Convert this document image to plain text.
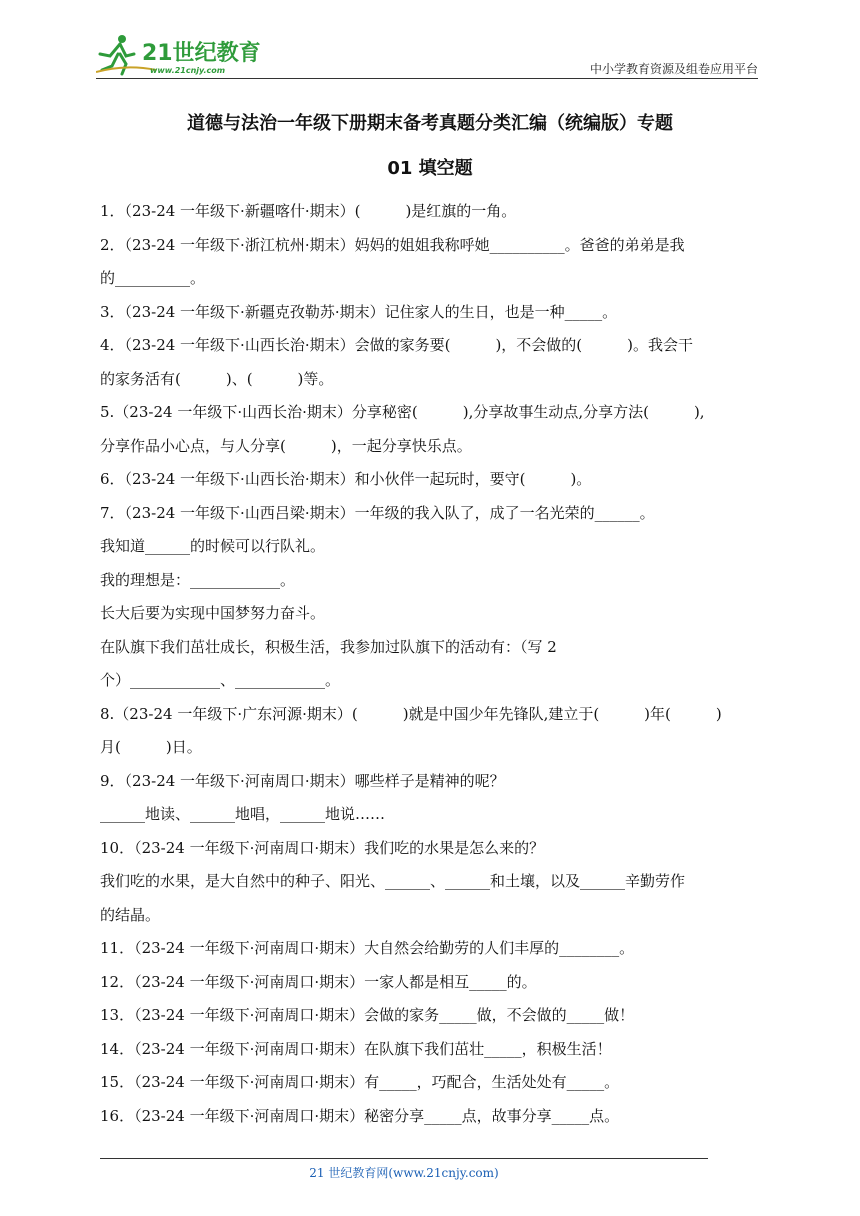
21世纪教育
www.21cnjy.com	中小学教育资源及组卷应用平台
道德与法治一年级下册期末备考真题分类汇编（统编版）专题
01 填空题
1．（23-24 一年级下·新疆喀什·期末）(　　　)是红旗的一角。
2．（23-24 一年级下·浙江杭州·期末）妈妈的姐姐我称呼她__________。爸爸的弟弟是我
的__________。
3．（23-24 一年级下·新疆克孜勒苏·期末）记住家人的生日，也是一种_____。
4．（23-24 一年级下·山西长治·期末）会做的家务要(　　　)，不会做的(　　　)。我会干
的家务活有(　　　)、(　　　)等。
5.（23-24 一年级下·山西长治·期末）分享秘密(　　　),分享故事生动点,分享方法(　　　),
分享作品小心点，与人分享(　　　)，一起分享快乐点。
6．（23-24 一年级下·山西长治·期末）和小伙伴一起玩时，要守(　　　)。
7．（23-24 一年级下·山西吕梁·期末）一年级的我入队了，成了一名光荣的______。
我知道______的时候可以行队礼。
我的理想是：____________。
长大后要为实现中国梦努力奋斗。
在队旗下我们茁壮成长，积极生活，我参加过队旗下的活动有：（写 2
个）____________、____________。
8.（23-24 一年级下·广东河源·期末）(　　　)就是中国少年先锋队,建立于(　　　)年(　　　)
月(　　　)日。
9．（23-24 一年级下·河南周口·期末）哪些样子是精神的呢？
______地读、______地唱，______地说……
10．（23-24 一年级下·河南周口·期末）我们吃的水果是怎么来的？
我们吃的水果，是大自然中的种子、阳光、______、______和土壤，以及______辛勤劳作
的结晶。
11．（23-24 一年级下·河南周口·期末）大自然会给勤劳的人们丰厚的________。
12．（23-24 一年级下·河南周口·期末）一家人都是相互_____的。
13．（23-24 一年级下·河南周口·期末）会做的家务_____做，不会做的_____做！
14．（23-24 一年级下·河南周口·期末）在队旗下我们茁壮_____，积极生活！
15．（23-24 一年级下·河南周口·期末）有_____，巧配合，生活处处有_____。
16．（23-24 一年级下·河南周口·期末）秘密分享_____点，故事分享_____点。
21 世纪教育网(www.21cnjy.com)
